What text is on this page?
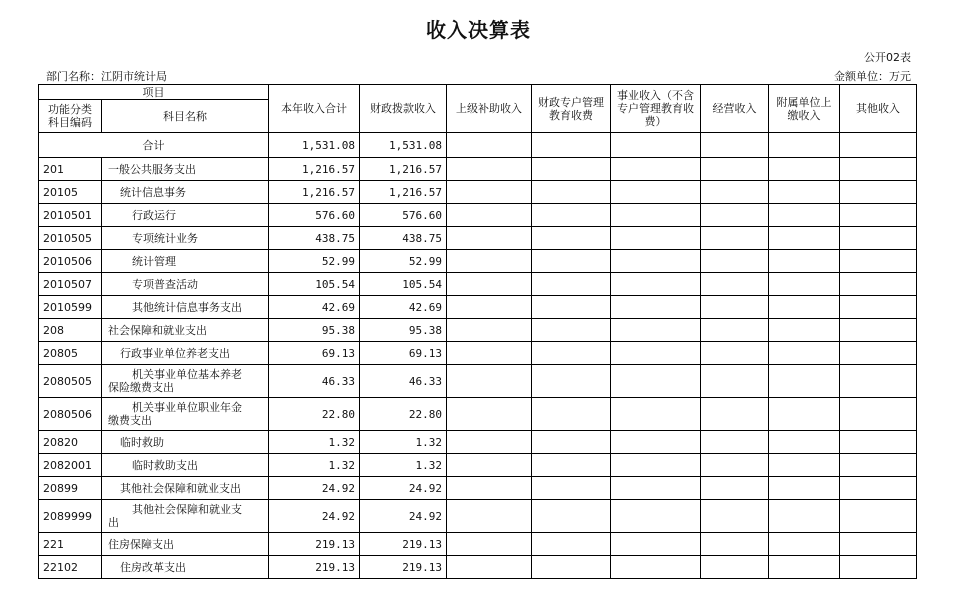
收入决算表
公开02表
部门名称：江阴市统计局	金额单位：万元
项目		本年收入合计	财政拨款收入	上级补助收入	财政专户管理教育收费	事业收入（不含专户管理教育收费）	经营收入	附属单位上缴收入	其他收入
功能分类科目编码	科目名称								
合计		1,531.08	1,531.08						
201	一般公共服务支出	1,216.57	1,216.57						
20105	统计信息事务	1,216.57	1,216.57						
2010501	行政运行	576.60	576.60						
2010505	专项统计业务	438.75	438.75						
2010506	统计管理	52.99	52.99						
2010507	专项普查活动	105.54	105.54						
2010599	其他统计信息事务支出	42.69	42.69						
208	社会保障和就业支出	95.38	95.38						
20805	行政事业单位养老支出	69.13	69.13						
2080505	机关事业单位基本养老
保险缴费支出	46.33	46.33						
2080506	机关事业单位职业年金
缴费支出	22.80	22.80						
20820	临时救助	1.32	1.32						
2082001	临时救助支出	1.32	1.32						
20899	其他社会保障和就业支出	24.92	24.92						
2089999	其他社会保障和就业支
出	24.92	24.92						
221	住房保障支出	219.13	219.13						
22102	住房改革支出	219.13	219.13						
